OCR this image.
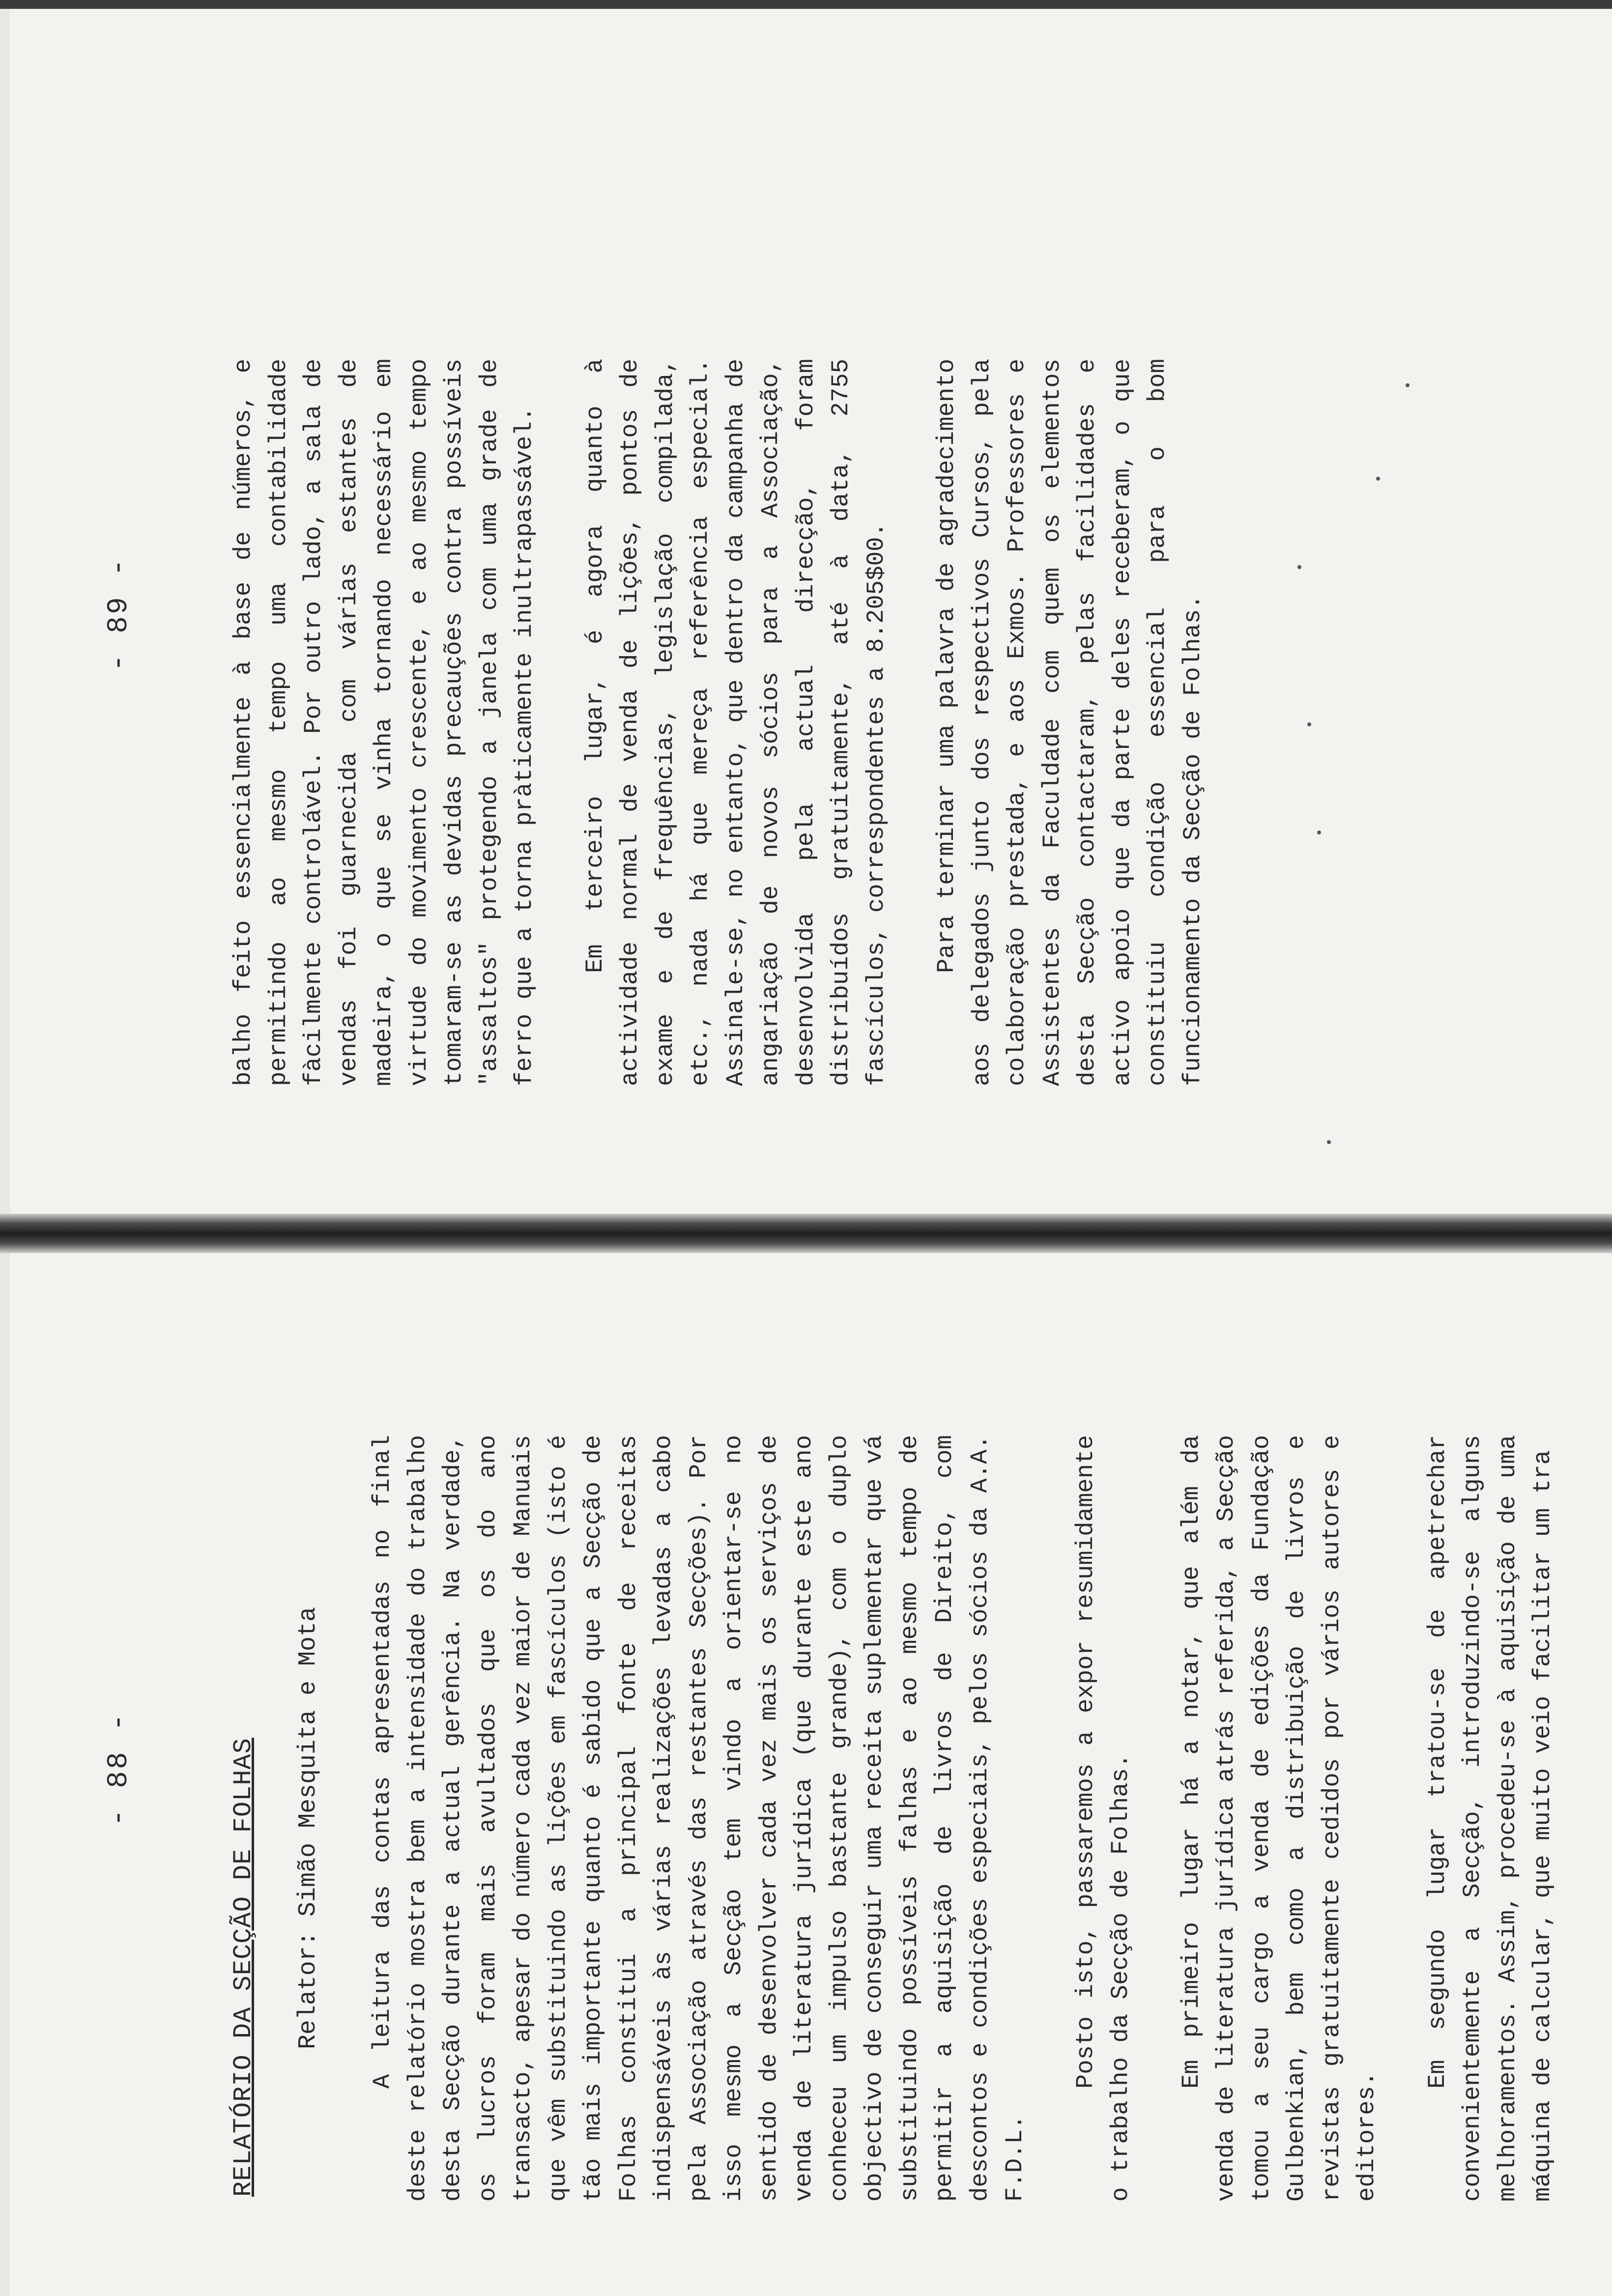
- 88 -	RELATÓRIO DA SECÇÃO DE FOLHAS Relator: Simão Mesquita e Mota A leitura das contas apresentadas no final deste relatório mostra bem a intensidade do trabalho desta Secção durante a actual gerência. Na verdade, os lucros foram mais avultados que os do ano transacto, apesar do número cada vez maior de Manuais que vêm substituindo as lições em fascículos (isto é tão mais importante quanto é sabido que a Secção de Folhas constitui a principal fonte de receitas indispensáveis às várias realizações levadas a cabo pela Associação através das restantes Secções). Por isso mesmo a Secção tem vindo a orientar-se no sentido de desenvolver cada vez mais os serviços de venda de literatura jurídica (que durante este ano conheceu um impulso bastante grande), com o duplo objectivo de conseguir uma receita suplementar que vá substituindo possíveis falhas e ao mesmo tempo de permitir a aquisição de livros de Direito, com descontos e condições especiais, pelos sócios da A.A. F.D.L.

Posto isto, passaremos a expor resumidamente o trabalho da Secção de Folhas. Em primeiro lugar há a notar, que além da venda de literatura jurídica atrás referida, a Secção tomou a seu cargo a venda de edições da Fundação Gulbenkian, bem como a distribuição de livros e revistas gratuitamente cedidos por vários autores e editores.

Em segundo lugar tratou-se de apetrechar convenientemente a Secção, introduzindo-se alguns melhoramentos. Assim, procedeu-se à aquisição de uma máquina de calcular, que muito veio facilitar um tra

- 89 -	balho feito essencialmente à base de números, e permitindo ao mesmo tempo uma contabilidade fàcilmente controlável. Por outro lado, a sala de vendas foi guarnecida com várias estantes de madeira, o que se vinha tornando necessário em virtude do movimento crescente, e ao mesmo tempo tomaram-se as devidas precauções contra possíveis "assaltos" protegendo a janela com uma grade de ferro que a torna pràticamente inultrapassável. Em terceiro lugar, é agora quanto à actividade normal de venda de lições, pontos de exame e de frequências, legislação compilada, etc., nada há que mereça referência especial. Assinale-se, no entanto, que dentro da campanha de angariação de novos sócios para a Associação, desenvolvida pela actual direcção, foram distribuídos gratuitamente, até à data, 2755 fascículos, correspondentes a 8.205$00. Para terminar uma palavra de agradecimento aos delegados junto dos respectivos Cursos, pela colaboração prestada, e aos Exmos. Professores e Assistentes da Faculdade com quem os elementos desta Secção contactaram, pelas facilidades e activo apoio que da parte deles receberam, o que constituiu condição essencial para o bom funcionamento da Secção de Folhas.
